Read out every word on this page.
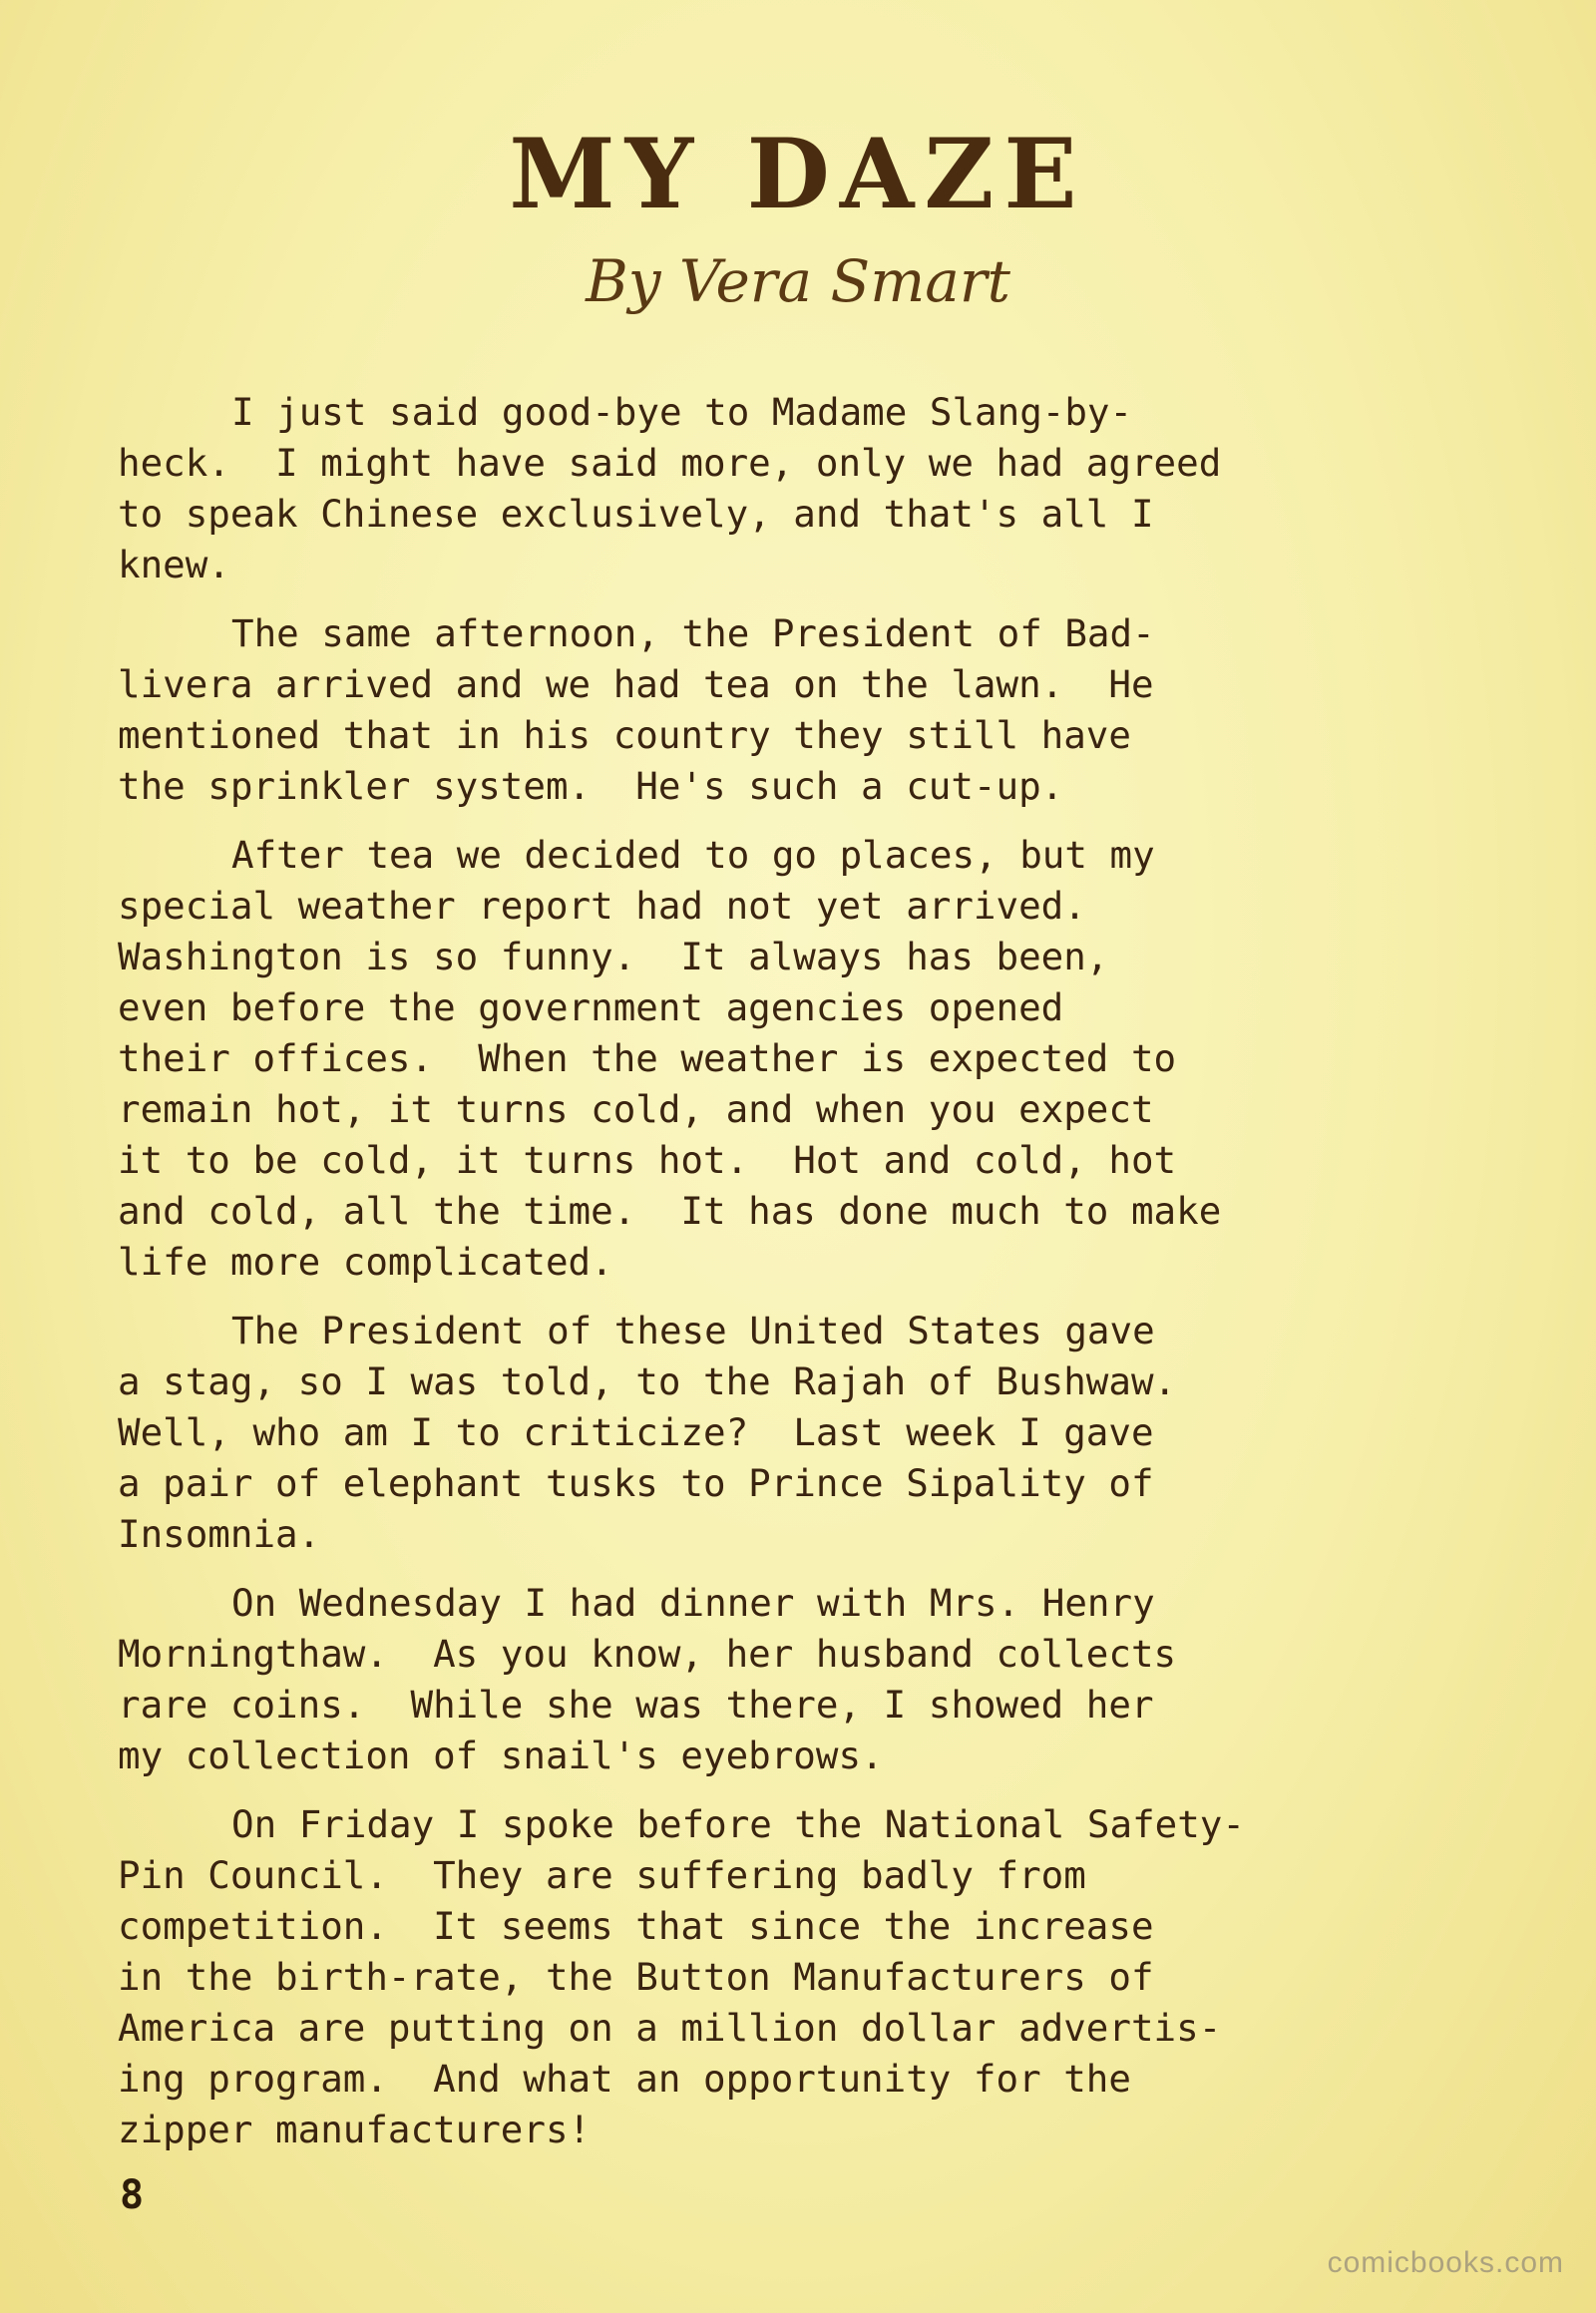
MY DAZE
By Vera Smart
I just said good-bye to Madame Slang-by-
heck.  I might have said more, only we had agreed
to speak Chinese exclusively, and that's all I
knew.
The same afternoon, the President of Bad-
livera arrived and we had tea on the lawn.  He
mentioned that in his country they still have
the sprinkler system.  He's such a cut-up.
After tea we decided to go places, but my
special weather report had not yet arrived.
Washington is so funny.  It always has been,
even before the government agencies opened
their offices.  When the weather is expected to
remain hot, it turns cold, and when you expect
it to be cold, it turns hot.  Hot and cold, hot
and cold, all the time.  It has done much to make
life more complicated.
The President of these United States gave
a stag, so I was told, to the Rajah of Bushwaw.
Well, who am I to criticize?  Last week I gave
a pair of elephant tusks to Prince Sipality of
Insomnia.
On Wednesday I had dinner with Mrs. Henry
Morningthaw.  As you know, her husband collects
rare coins.  While she was there, I showed her
my collection of snail's eyebrows.
On Friday I spoke before the National Safety-
Pin Council.  They are suffering badly from
competition.  It seems that since the increase
in the birth-rate, the Button Manufacturers of
America are putting on a million dollar advertis-
ing program.  And what an opportunity for the
zipper manufacturers!
8
comicbooks.com
